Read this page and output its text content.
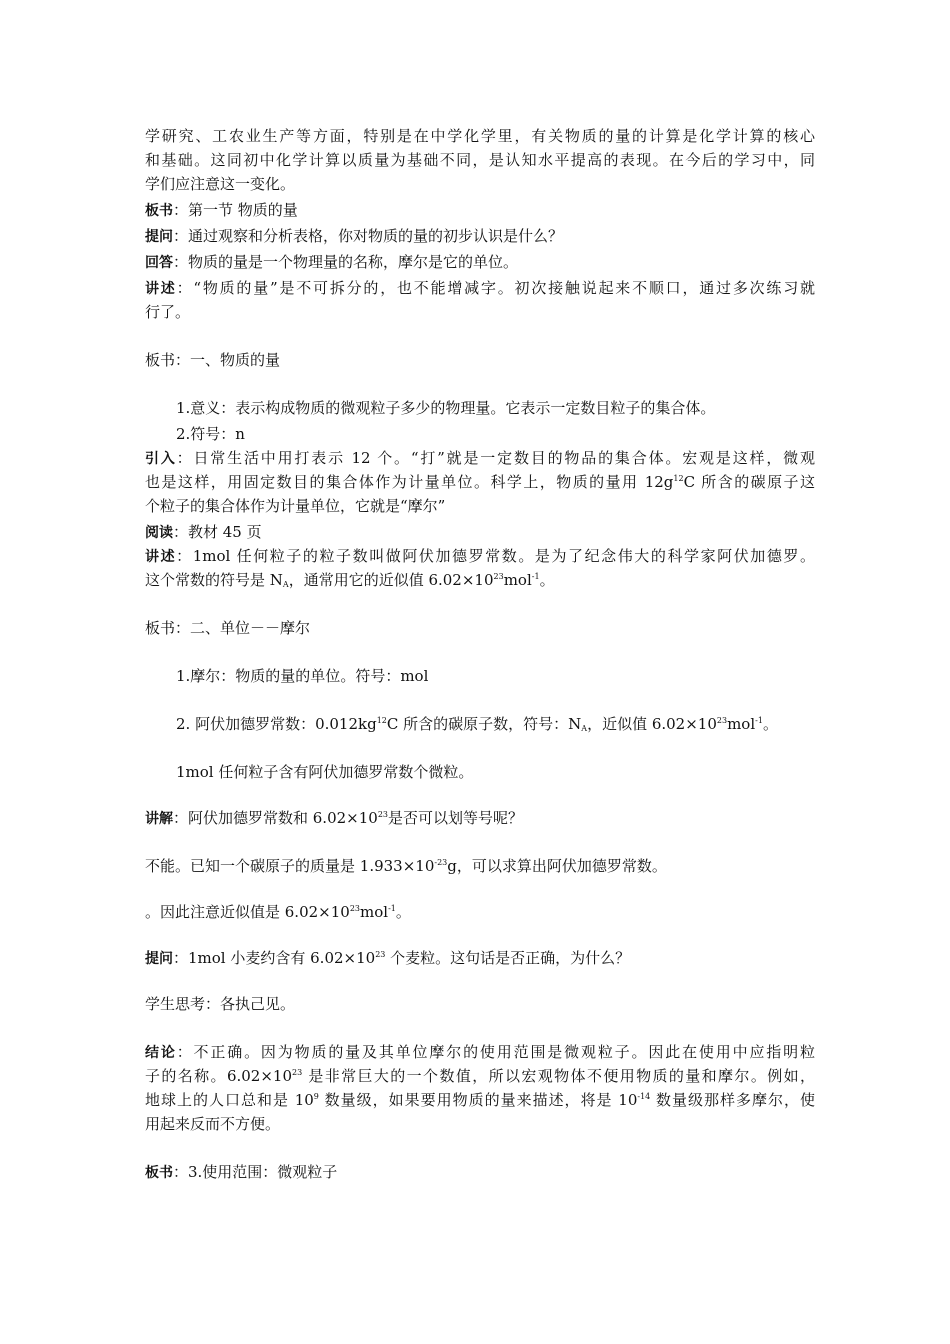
学研究、工农业生产等方面，特别是在中学化学里，有关物质的量的计算是化学计算的核心
和基础。这同初中化学计算以质量为基础不同，是认知水平提高的表现。在今后的学习中，同
学们应注意这一变化。
板书：第一节 物质的量
提问：通过观察和分析表格，你对物质的量的初步认识是什么？
回答：物质的量是一个物理量的名称，摩尔是它的单位。
讲述：“物质的量”是不可拆分的，也不能增减字。初次接触说起来不顺口，通过多次练习就
行了。
板书：一、物质的量
1.意义：表示构成物质的微观粒子多少的物理量。它表示一定数目粒子的集合体。
2.符号：n
引入：日常生活中用打表示 12 个。“打”就是一定数目的物品的集合体。宏观是这样，微观
也是这样，用固定数目的集合体作为计量单位。科学上，物质的量用 $12g^{12}C$ 所含的碳原子这
个粒子的集合体作为计量单位，它就是“摩尔”
阅读：教材 45 页
讲述：1mol 任何粒子的粒子数叫做阿伏加德罗常数。是为了纪念伟大的科学家阿伏加德罗。
这个常数的符号是 $N_A$，通常用它的近似值 $6.02\times 10^{23}mol^{-1}$。
板书：二、单位－－摩尔
1.摩尔：物质的量的单位。符号：mol
2. 阿伏加德罗常数：$0.012kg^{12}C$ 所含的碳原子数，符号：$N_A$，近似值 $6.02\times 10^{23}mol^{-1}$。
1mol 任何粒子含有阿伏加德罗常数个微粒。
讲解：阿伏加德罗常数和 $6.02\times 10^{23}$是否可以划等号呢？
不能。已知一个碳原子的质量是 $1.933\times 10^{-23}g$，可以求算出阿伏加德罗常数。
。因此注意近似值是 $6.02\times 10^{23}mol^{-1}$。
提问：1mol 小麦约含有 $6.02\times 10^{23}$ 个麦粒。这句话是否正确，为什么？
学生思考：各执己见。
结论：不正确。因为物质的量及其单位摩尔的使用范围是微观粒子。因此在使用中应指明粒
子的名称。$6.02\times 10^{23}$ 是非常巨大的一个数值，所以宏观物体不便用物质的量和摩尔。例如，
地球上的人口总和是 $10^9$ 数量级，如果要用物质的量来描述，将是 $10^{-14}$ 数量级那样多摩尔，使
用起来反而不方便。
板书：3.使用范围：微观粒子
